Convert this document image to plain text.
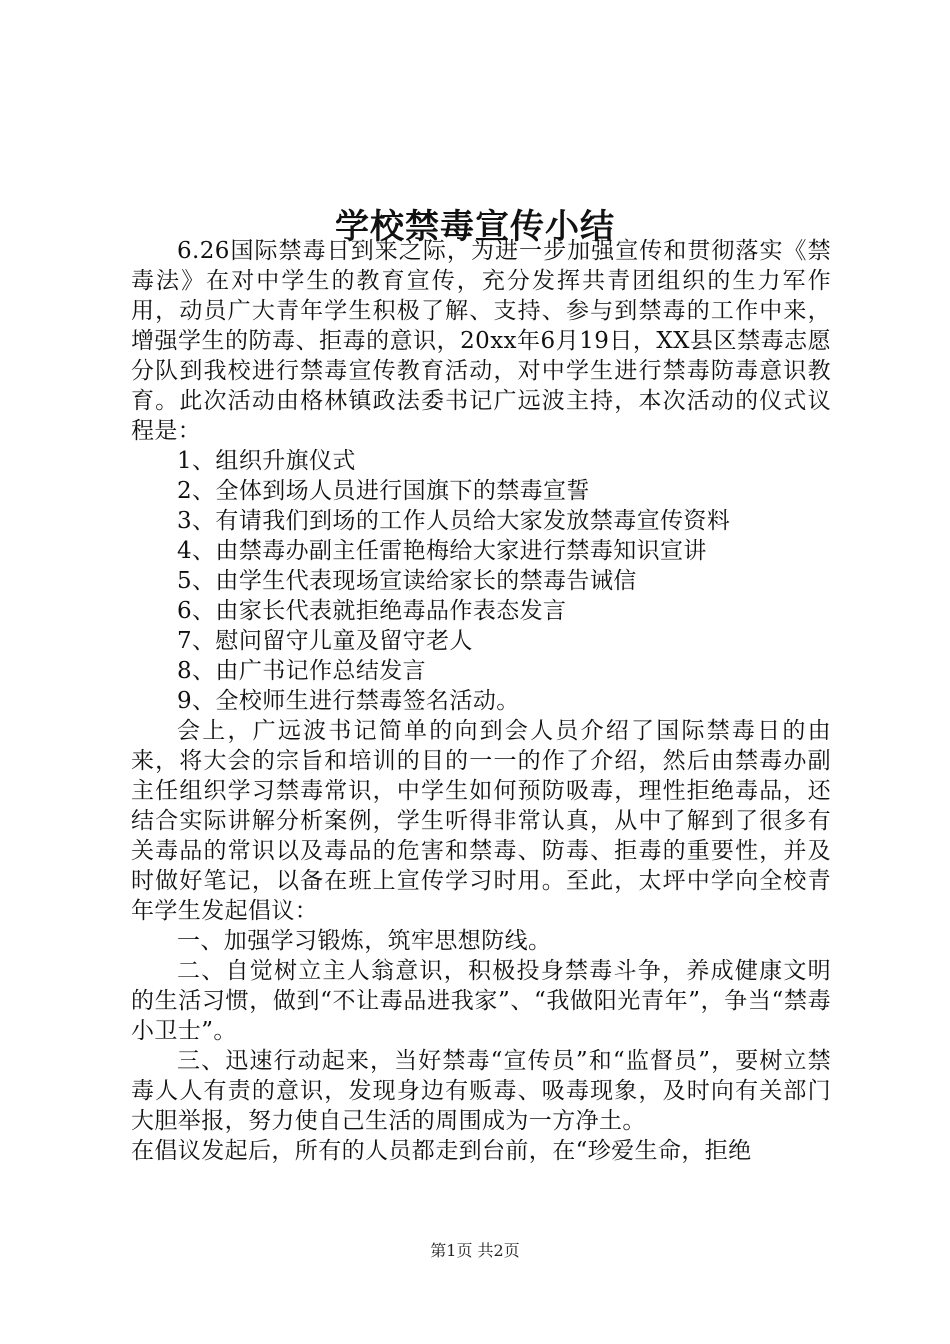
学校禁毒宣传小结

6.26国际禁毒日到来之际，为进一步加强宣传和贯彻落实《禁毒法》在对中学生的教育宣传，充分发挥共青团组织的生力军作用，动员广大青年学生积极了解、支持、参与到禁毒的工作中来，增强学生的防毒、拒毒的意识，20xx年6月19日，XX县区禁毒志愿分队到我校进行禁毒宣传教育活动，对中学生进行禁毒防毒意识教育。此次活动由格林镇政法委书记广远波主持，本次活动的仪式议程是：

1、组织升旗仪式

2、全体到场人员进行国旗下的禁毒宣誓

3、有请我们到场的工作人员给大家发放禁毒宣传资料

4、由禁毒办副主任雷艳梅给大家进行禁毒知识宣讲

5、由学生代表现场宣读给家长的禁毒告诫信

6、由家长代表就拒绝毒品作表态发言

7、慰问留守儿童及留守老人

8、由广书记作总结发言

9、全校师生进行禁毒签名活动。

会上，广远波书记简单的向到会人员介绍了国际禁毒日的由来，将大会的宗旨和培训的目的一一的作了介绍，然后由禁毒办副主任组织学习禁毒常识，中学生如何预防吸毒，理性拒绝毒品，还结合实际讲解分析案例，学生听得非常认真，从中了解到了很多有关毒品的常识以及毒品的危害和禁毒、防毒、拒毒的重要性，并及时做好笔记，以备在班上宣传学习时用。至此，太坪中学向全校青年学生发起倡议：

一、加强学习锻炼，筑牢思想防线。

二、自觉树立主人翁意识，积极投身禁毒斗争，养成健康文明的生活习惯，做到“不让毒品进我家”、“我做阳光青年”，争当“禁毒小卫士”。

三、迅速行动起来，当好禁毒“宣传员”和“监督员”，要树立禁毒人人有责的意识，发现身边有贩毒、吸毒现象，及时向有关部门大胆举报，努力使自己生活的周围成为一方净土。

在倡议发起后，所有的人员都走到台前，在“珍爱生命，拒绝

第1页 共2页
